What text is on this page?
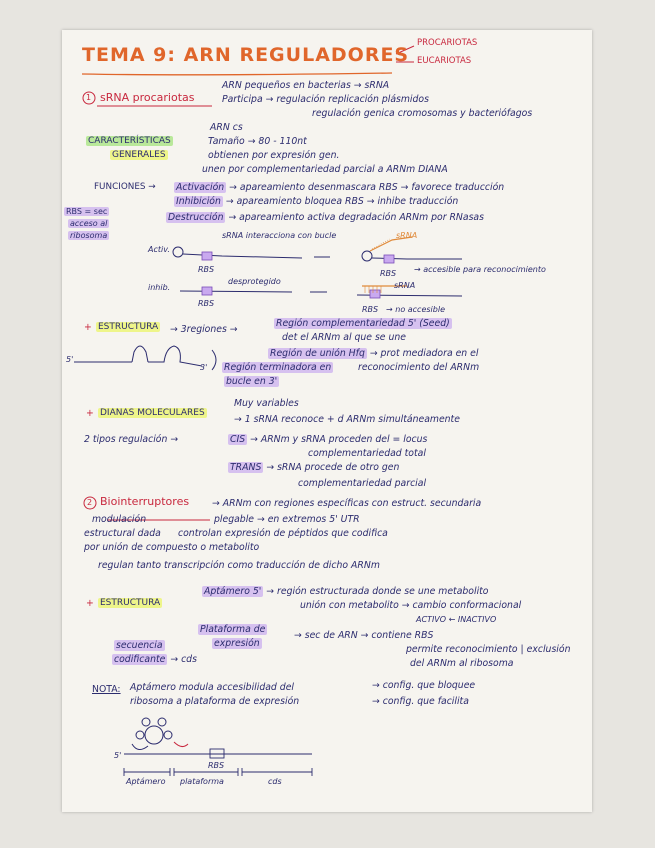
TEMA 9: ARN REGULADORES
PROCARIOTAS
EUCARIOTAS
1 sRNA procariotas
ARN pequeños en bacterias → sRNA
Participa → regulación replicación plásmidos
regulación genica cromosomas y bacteriófagos
CARACTERÍSTICAS
GENERALES
ARN cs
Tamaño → 80 - 110nt
obtienen por expresión gen.
unen por complementariedad parcial a ARNm DIANA
FUNCIONES → Activación → apareamiento desenmascara RBS → favorece traducción
Inhibición → apareamiento bloquea RBS → inhibe traducción
Destrucción → apareamiento activa degradación ARNm por RNasas
RBS = sec
acceso al
ribosoma
Activ.
sRNA interacciona con bucle	sRNA
RBS	RBS → accesible para reconocimiento
inhib.
desprotegido
RBS
sRNA
RBS → no accesible
+ ESTRUCTURA → 3regiones →
Región complementariedad 5' (Seed)
det el ARNm al que se une
Región de unión Hfq → prot mediadora en el
reconocimiento del ARNm
Región terminadora en
bucle en 3'
5'
3'
+ DIANAS MOLECULARES
Muy variables
→ 1 sRNA reconoce + d ARNm simultáneamente
2 tipos regulación →	CIS → ARNm y sRNA proceden del = locus
complementariedad total
TRANS → sRNA procede de otro gen
complementariedad parcial
2 Biointerruptores → ARNm con regiones específicas con estruct. secundaria
modulación	plegable → en extremos 5' UTR
estructural dada controlan expresión de péptidos que codifica
por unión de compuesto o metabolito
regulan tanto transcripción como traducción de dicho ARNm
+ ESTRUCTURA
Aptámero 5' → región estructurada donde se une metabolito
unión con metabolito → cambio conformacional
ACTIVO ← INACTIVO
Plataforma de
expresión
→ sec de ARN → contiene RBS
permite reconocimiento | exclusión
del ARNm al ribosoma
secuencia
codificante → cds
NOTA: Aptámero modula accesibilidad del
ribosoma a plataforma de expresión
→ config. que bloquee
→ config. que facilita
5'
RBS
Aptámero plataforma	cds
